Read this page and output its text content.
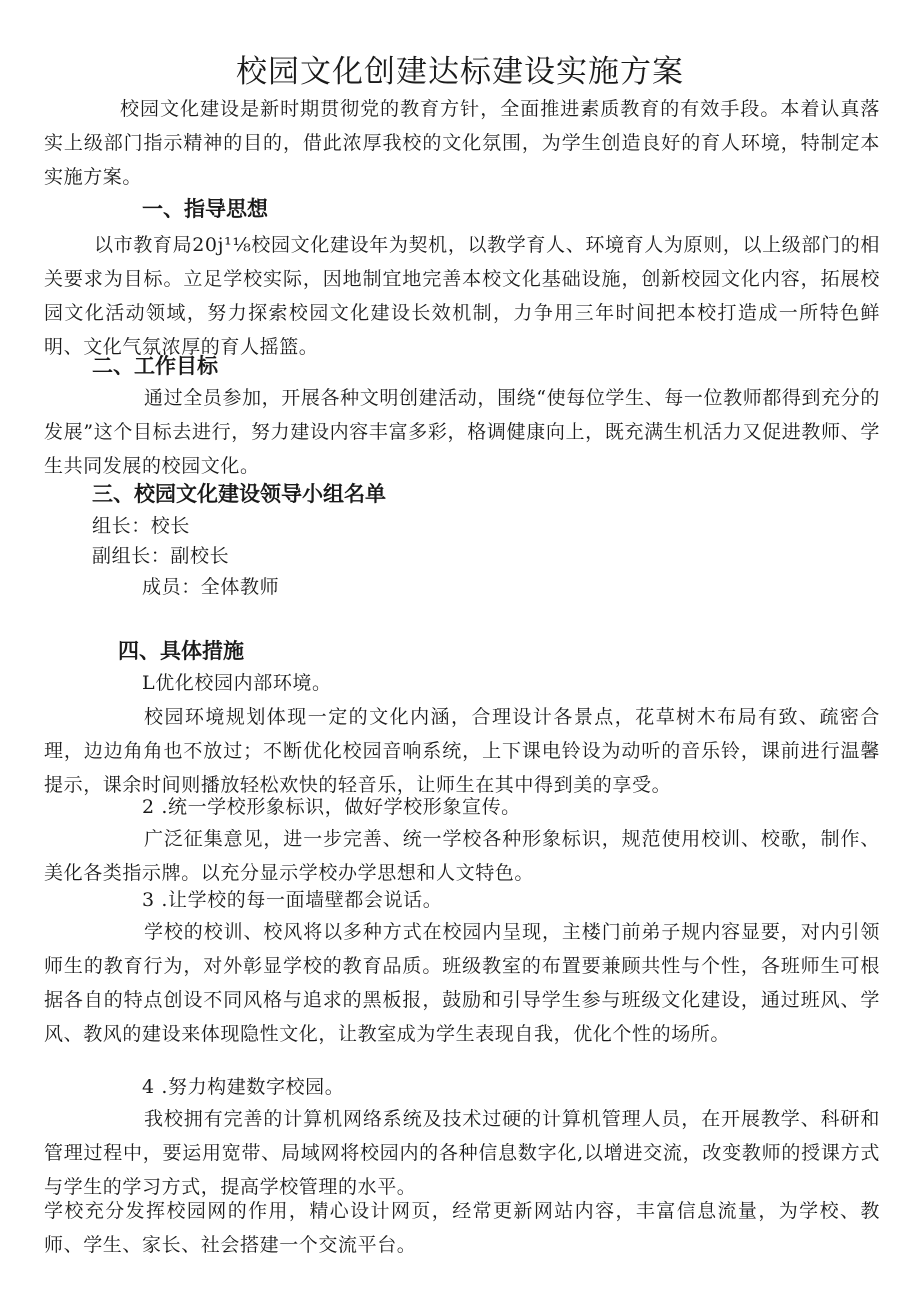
校园文化创建达标建设实施方案
校园文化建设是新时期贯彻党的教育方针，全面推进素质教育的有效手段。本着认真落实上级部门指示精神的目的，借此浓厚我校的文化氛围，为学生创造良好的育人环境，特制定本实施方案。
一、指导思想
以市教育局20j¹⅛校园文化建设年为契机，以教学育人、环境育人为原则，以上级部门的相关要求为目标。立足学校实际，因地制宜地完善本校文化基础设施，创新校园文化内容，拓展校园文化活动领域，努力探索校园文化建设长效机制，力争用三年时间把本校打造成一所特色鲜明、文化气氛浓厚的育人摇篮。
二、工作目标
通过全员参加，开展各种文明创建活动，围绕“使每位学生、每一位教师都得到充分的发展”这个目标去进行，努力建设内容丰富多彩，格调健康向上，既充满生机活力又促进教师、学生共同发展的校园文化。
三、校园文化建设领导小组名单
组长：校长
副组长：副校长
成员：全体教师
四、具体措施
L优化校园内部环境。
校园环境规划体现一定的文化内涵，合理设计各景点，花草树木布局有致、疏密合理，边边角角也不放过；不断优化校园音响系统，上下课电铃设为动听的音乐铃，课前进行温馨提示，课余时间则播放轻松欢快的轻音乐，让师生在其中得到美的享受。
2 .统一学校形象标识，做好学校形象宣传。
广泛征集意见，进一步完善、统一学校各种形象标识，规范使用校训、校歌，制作、美化各类指示牌。以充分显示学校办学思想和人文特色。
3 .让学校的每一面墙壁都会说话。
学校的校训、校风将以多种方式在校园内呈现，主楼门前弟子规内容显要，对内引领师生的教育行为，对外彰显学校的教育品质。班级教室的布置要兼顾共性与个性，各班师生可根据各自的特点创设不同风格与追求的黑板报，鼓励和引导学生参与班级文化建设，通过班风、学风、教风的建设来体现隐性文化，让教室成为学生表现自我，优化个性的场所。
4 .努力构建数字校园。
我校拥有完善的计算机网络系统及技术过硬的计算机管理人员，在开展教学、科研和管理过程中，要运用宽带、局域网将校园内的各种信息数字化,以增进交流，改变教师的授课方式与学生的学习方式，提高学校管理的水平。
学校充分发挥校园网的作用，精心设计网页，经常更新网站内容，丰富信息流量，为学校、教师、学生、家长、社会搭建一个交流平台。
